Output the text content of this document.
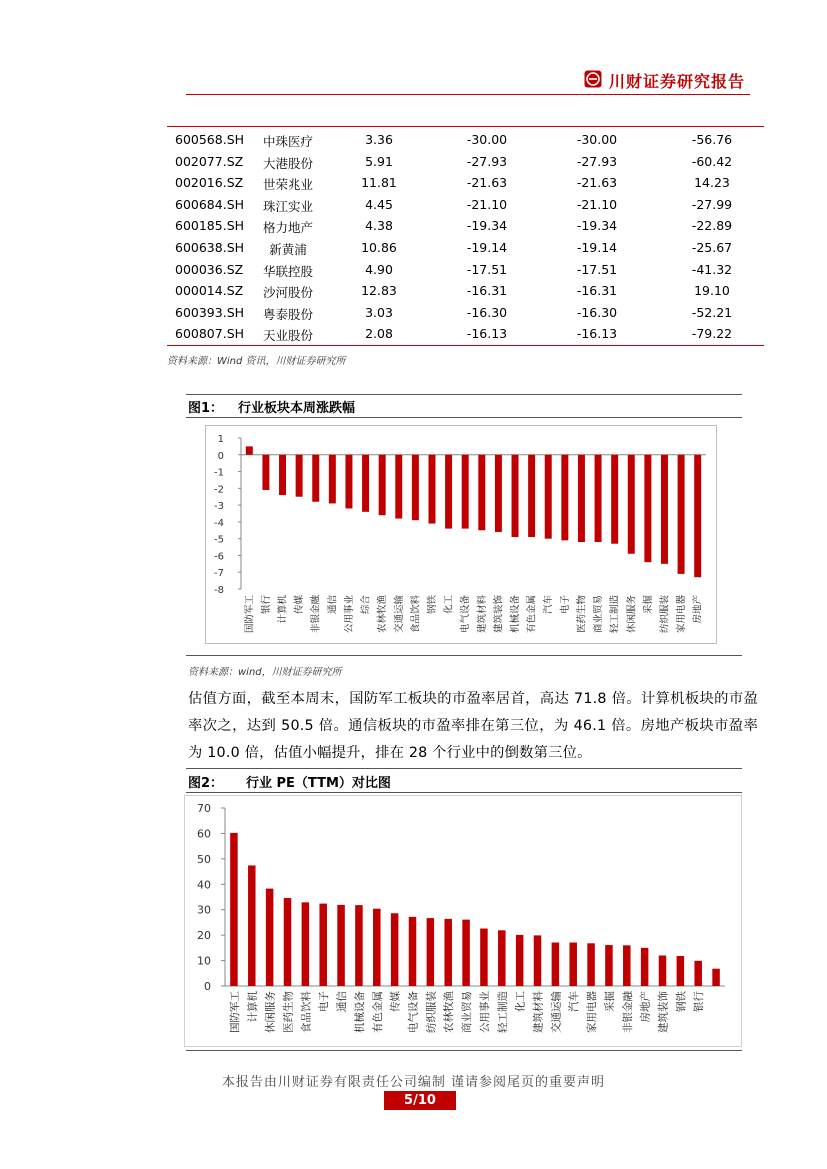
川财证券研究报告
600568.SH	中珠医疗	3.36	-30.00	-30.00	-56.76
002077.SZ	大港股份	5.91	-27.93	-27.93	-60.42
002016.SZ	世荣兆业	11.81	-21.63	-21.63	14.23
600684.SH	珠江实业	4.45	-21.10	-21.10	-27.99
600185.SH	格力地产	4.38	-19.34	-19.34	-22.89
600638.SH	新黄浦	10.86	-19.14	-19.14	-25.67
000036.SZ	华联控股	4.90	-17.51	-17.51	-41.32
000014.SZ	沙河股份	12.83	-16.31	-16.31	19.10
600393.SH	粤泰股份	3.03	-16.30	-16.30	-52.21
600807.SH	天业股份	2.08	-16.13	-16.13	-79.22
资料来源：Wind 资讯，川财证券研究所
图1： 行业板块本周涨跌幅
1
0
-1
-2
-3
-4
-5
-6
-7
-8
国防军工 银行 计算机 传媒 非银金融 通信 公用事业 综合 农林牧渔 交通运输 食品饮料 钢铁 化工 电气设备 建筑材料 建筑装饰 机械设备 有色金属 汽车 电子 医药生物 商业贸易 轻工制造 休闲服务 采掘 纺织服装 家用电器 房地产
资料来源：wind，川财证券研究所

估值方面，截至本周末，国防军工板块的市盈率居首，高达 71.8 倍。计算机板块的市盈率次之，达到 50.5 倍。通信板块的市盈率排在第三位，为 46.1 倍。房地产板块市盈率为 10.0 倍，估值小幅提升，排在 28 个行业中的倒数第三位。

图2： 行业 PE（TTM）对比图
0
10
20
30
40
50
60
70
国防军工 计算机 休闲服务 医药生物 食品饮料 电子 通信 机械设备 有色金属 传媒 电气设备 纺织服装 农林牧渔 商业贸易 公用事业 轻工制造 化工 建筑材料 交通运输 汽车 家用电器 采掘 非银金融 房地产 建筑装饰 钢铁 银行
本报告由川财证券有限责任公司编制 谨请参阅尾页的重要声明
5/10
